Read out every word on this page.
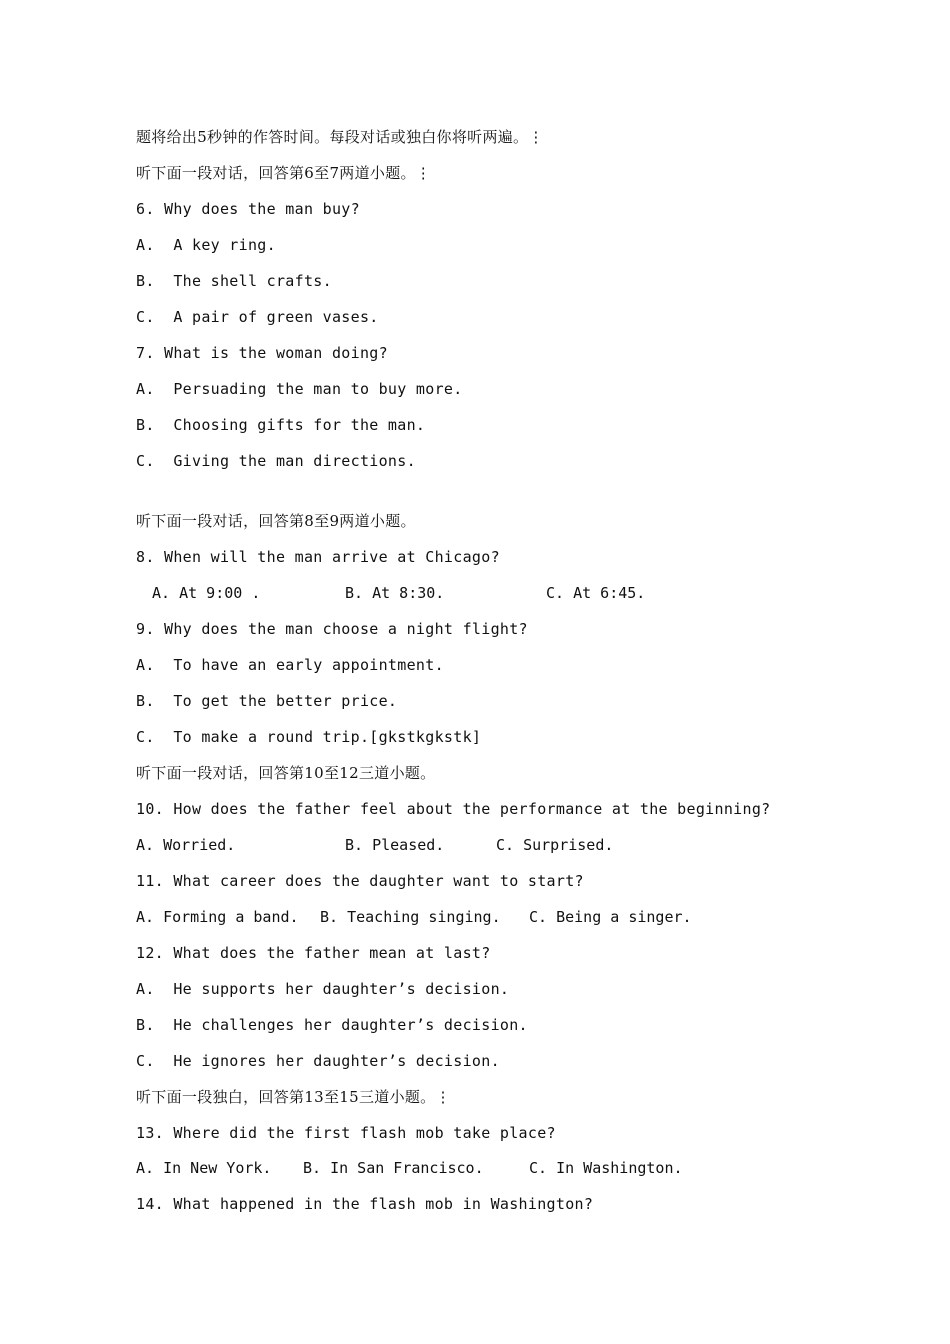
题将给出5秒钟的作答时间。每段对话或独白你将听两遍。⋮
听下面一段对话，回答第6至7两道小题。⋮
6. Why does the man buy?
A.  A key ring.
B.  The shell crafts.
C.  A pair of green vases.
7. What is the woman doing?
A.  Persuading the man to buy more.
B.  Choosing gifts for the man.
C.  Giving the man directions.
听下面一段对话，回答第8至9两道小题。
8. When will the man arrive at Chicago?
A. At 9:00 .	B. At 8:30.	C. At 6:45.
9. Why does the man choose a night flight?
A.  To have an early appointment.
B.  To get the better price.
C.  To make a round trip.[gkstkgkstk]
听下面一段对话，回答第10至12三道小题。
10. How does the father feel about the performance at the beginning?
A. Worried.	B. Pleased.	C. Surprised.
11. What career does the daughter want to start?
A. Forming a band. B. Teaching singing. C. Being a singer.
12. What does the father mean at last?
A.  He supports her daughter’s decision.
B.  He challenges her daughter’s decision.
C.  He ignores her daughter’s decision.
听下面一段独白，回答第13至15三道小题。⋮
13. Where did the first flash mob take place?
A. In New York. B. In San Francisco.	C. In Washington.
14. What happened in the flash mob in Washington?
